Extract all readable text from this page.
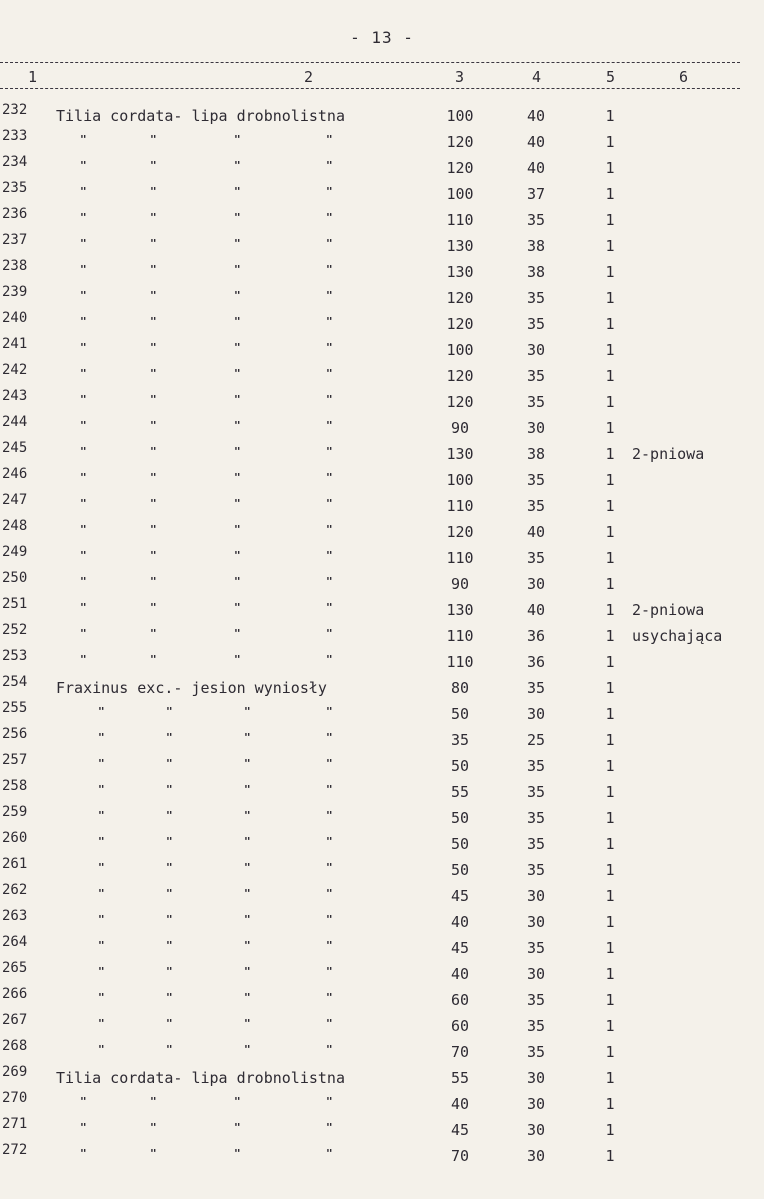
- 13 -
1	2	3	4	5	6
232 Tilia cordata- lipa drobnolistna	100	40	1
233	"	"	"	"	120	40	1
234	"	"	"	"	120	40	1
235	"	"	"	"	100	37	1
236	"	"	"	"	110	35	1
237	"	"	"	"	130	38	1
238	"	"	"	"	130	38	1
239	"	"	"	"	120	35	1
240	"	"	"	"	120	35	1
241	"	"	"	"	100	30	1
242	"	"	"	"	120	35	1
243	"	"	"	"	120	35	1
244	"	"	"	"	90	30	1
245	"	"	"	"	130	38	1 2-pniowa
246	"	"	"	"	100	35	1
247	"	"	"	"	110	35	1
248	"	"	"	"	120	40	1
249	"	"	"	"	110	35	1
250	"	"	"	"	90	30	1
251	"	"	"	"	130	40	1 2-pniowa
252	"	"	"	"	110	36	1 usychająca
253	"	"	"	"	110	36	1
254 Fraxinus exc.- jesion wyniosły	80	35	1
255	"	"	"	"	50	30	1
256	"	"	"	"	35	25	1
257	"	"	"	"	50	35	1
258	"	"	"	"	55	35	1
259	"	"	"	"	50	35	1
260	"	"	"	"	50	35	1
261	"	"	"	"	50	35	1
262	"	"	"	"	45	30	1
263	"	"	"	"	40	30	1
264	"	"	"	"	45	35	1
265	"	"	"	"	40	30	1
266	"	"	"	"	60	35	1
267	"	"	"	"	60	35	1
268	"	"	"	"	70	35	1
269 Tilia cordata- lipa drobnolistna	55	30	1
270	"	"	"	"	40	30	1
271	"	"	"	"	45	30	1
272	"	"	"	"	70	30	1
